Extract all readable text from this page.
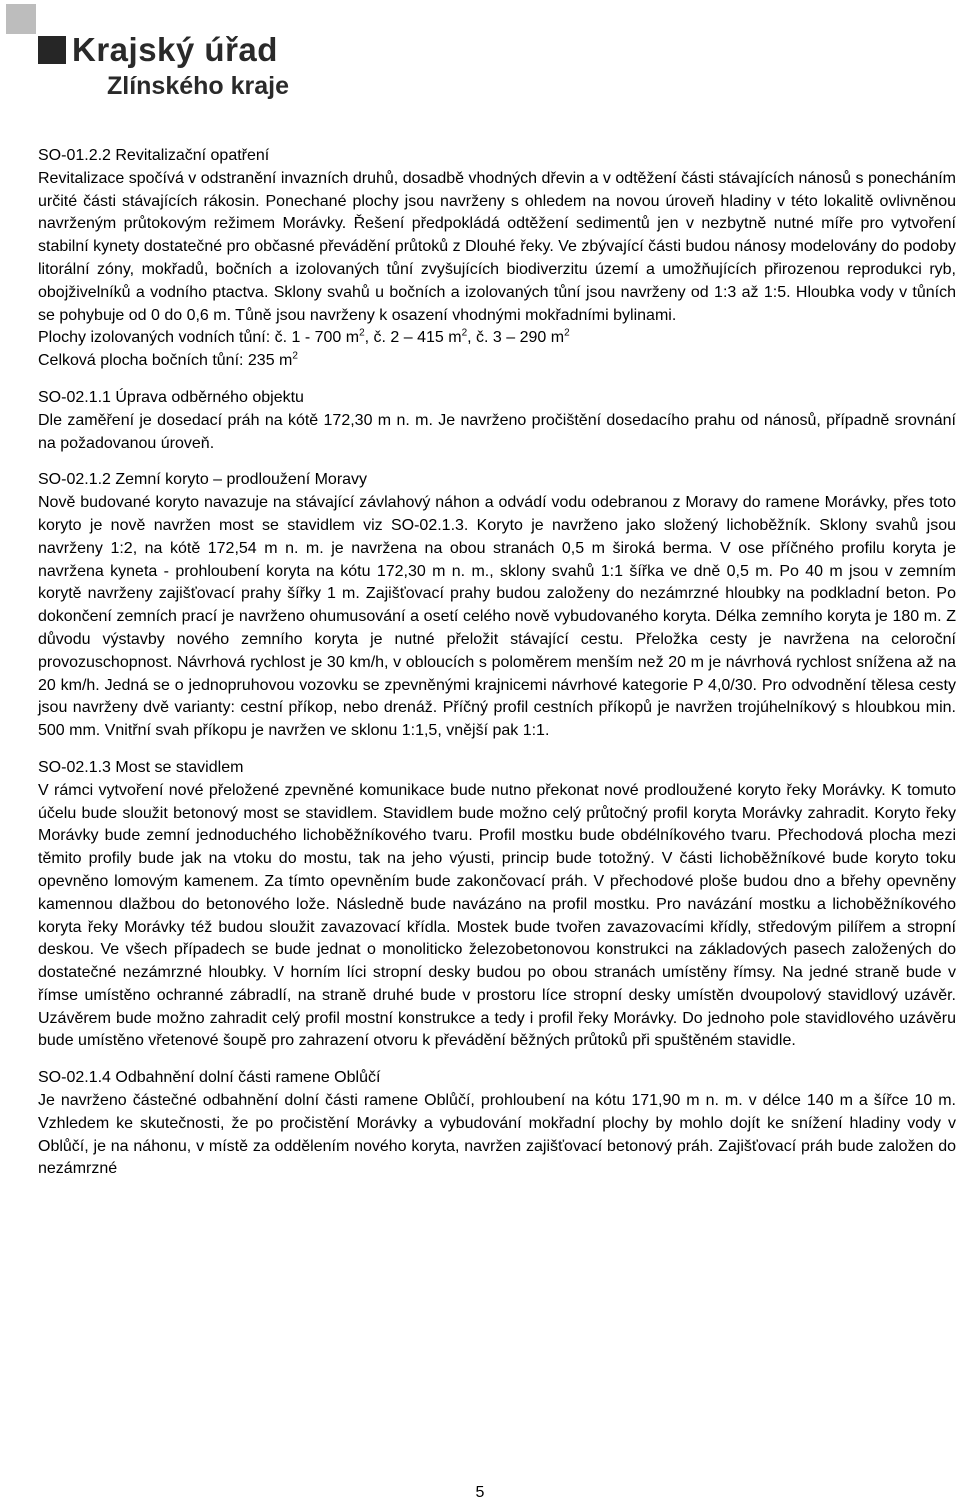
Krajský úřad
Zlínského kraje
SO-01.2.2 Revitalizační opatření

Revitalizace spočívá v odstranění invazních druhů, dosadbě vhodných dřevin a v odtěžení části stávajících nánosů s ponecháním určité části stávajících rákosin. Ponechané plochy jsou navrženy s ohledem na novou úroveň hladiny v této lokalitě ovlivněnou navrženým průtokovým režimem Morávky. Řešení předpokládá odtěžení sedimentů jen v nezbytně nutné míře pro vytvoření stabilní kynety dostatečné pro občasné převádění průtoků z Dlouhé řeky. Ve zbývající části budou nánosy modelovány do podoby litorální zóny, mokřadů, bočních a izolovaných tůní zvyšujících biodiverzitu území a umožňujících přirozenou reprodukci ryb, obojživelníků a vodního ptactva. Sklony svahů u bočních a izolovaných tůní jsou navrženy od 1:3 až 1:5. Hloubka vody v tůních se pohybuje od 0 do 0,6 m. Tůně jsou navrženy k osazení vhodnými mokřadními bylinami.

Plochy izolovaných vodních tůní: č. 1 - 700 $m^2$, č. 2 – 415 $m^2$, č. 3 – 290 $m^2$

Celková plocha bočních tůní: 235 $m^2$

SO-02.1.1 Úprava odběrného objektu

Dle zaměření je dosedací práh na kótě 172,30 m n. m. Je navrženo pročištění dosedacího prahu od nánosů, případně srovnání na požadovanou úroveň.

SO-02.1.2 Zemní koryto – prodloužení Moravy

Nově budované koryto navazuje na stávající závlahový náhon a odvádí vodu odebranou z Moravy do ramene Morávky, přes toto koryto je nově navržen most se stavidlem viz SO-02.1.3. Koryto je navrženo jako složený lichoběžník. Sklony svahů jsou navrženy 1:2, na kótě 172,54 m n. m. je navržena na obou stranách 0,5 m široká berma. V ose příčného profilu koryta je navržena kyneta - prohloubení koryta na kótu 172,30 m n. m., sklony svahů 1:1 šířka ve dně 0,5 m. Po 40 m jsou v zemním korytě navrženy zajišťovací prahy šířky 1 m. Zajišťovací prahy budou založeny do nezámrzné hloubky na podkladní beton. Po dokončení zemních prací je navrženo ohumusování a osetí celého nově vybudovaného koryta. Délka zemního koryta je 180 m. Z důvodu výstavby nového zemního koryta je nutné přeložit stávající cestu. Přeložka cesty je navržena na celoroční provozuschopnost. Návrhová rychlost je 30 km/h, v obloucích s poloměrem menším než 20 m je návrhová rychlost snížena až na 20 km/h. Jedná se o jednopruhovou vozovku se zpevněnými krajnicemi návrhové kategorie P 4,0/30. Pro odvodnění tělesa cesty jsou navrženy dvě varianty: cestní příkop, nebo drenáž. Příčný profil cestních příkopů je navržen trojúhelníkový s hloubkou min. 500 mm. Vnitřní svah příkopu je navržen ve sklonu 1:1,5, vnější pak 1:1.

SO-02.1.3 Most se stavidlem

V rámci vytvoření nové přeložené zpevněné komunikace bude nutno překonat nové prodloužené koryto řeky Morávky. K tomuto účelu bude sloužit betonový most se stavidlem. Stavidlem bude možno celý průtočný profil koryta Morávky zahradit. Koryto řeky Morávky bude zemní jednoduchého lichoběžníkového tvaru. Profil mostku bude obdélníkového tvaru. Přechodová plocha mezi těmito profily bude jak na vtoku do mostu, tak na jeho výusti, princip bude totožný. V části lichoběžníkové bude koryto toku opevněno lomovým kamenem. Za tímto opevněním bude zakončovací práh. V přechodové ploše budou dno a břehy opevněny kamennou dlažbou do betonového lože. Následně bude navázáno na profil mostku. Pro navázání mostku a lichoběžníkového koryta řeky Morávky též budou sloužit zavazovací křídla. Mostek bude tvořen zavazovacími křídly, středovým pilířem a stropní deskou. Ve všech případech se bude jednat o monoliticko železobetonovou konstrukci na základových pasech založených do dostatečné nezámrzné hloubky. V horním líci stropní desky budou po obou stranách umístěny římsy. Na jedné straně bude v římse umístěno ochranné zábradlí, na straně druhé bude v prostoru líce stropní desky umístěn dvoupolový stavidlový uzávěr. Uzávěrem bude možno zahradit celý profil mostní konstrukce a tedy i profil řeky Morávky. Do jednoho pole stavidlového uzávěru bude umístěno vřetenové šoupě pro zahrazení otvoru k převádění běžných průtoků při spuštěném stavidle.

SO-02.1.4 Odbahnění dolní části ramene Oblůčí

Je navrženo částečné odbahnění dolní části ramene Oblůčí, prohloubení na kótu 171,90 m n. m. v délce 140 m a šířce 10 m. Vzhledem ke skutečnosti, že po pročistění Morávky a vybudování mokřadní plochy by mohlo dojít ke snížení hladiny vody v Oblůčí, je na náhonu, v místě za oddělením nového koryta, navržen zajišťovací betonový práh. Zajišťovací práh bude založen do nezámrzné

5
